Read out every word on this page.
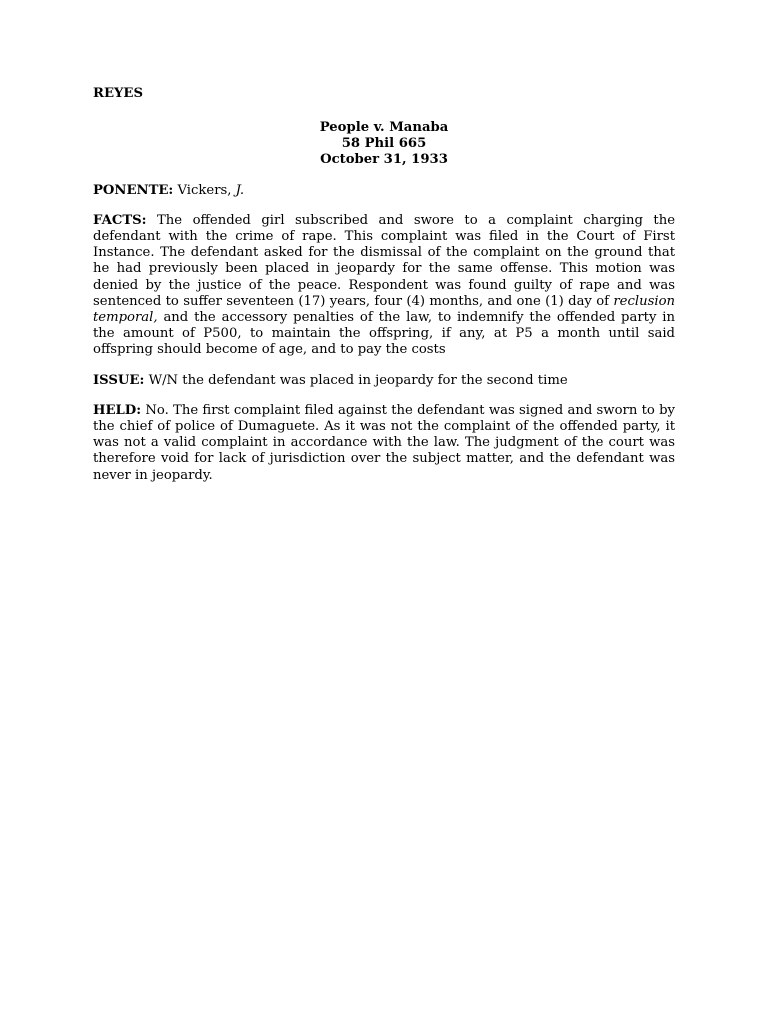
REYES
People v. Manaba
58 Phil 665
October 31, 1933

PONENTE: Vickers, J.

FACTS: The offended girl subscribed and swore to a complaint charging the defendant with the crime of rape. This complaint was filed in the Court of First Instance. The defendant asked for the dismissal of the complaint on the ground that he had previously been placed in jeopardy for the same offense. This motion was denied by the justice of the peace. Respondent was found guilty of rape and was sentenced to suffer seventeen (17) years, four (4) months, and one (1) day of reclusion temporal, and the accessory penalties of the law, to indemnify the offended party in the amount of P500, to maintain the offspring, if any, at P5 a month until said offspring should become of age, and to pay the costs

ISSUE: W/N the defendant was placed in jeopardy for the second time

HELD: No. The first complaint filed against the defendant was signed and sworn to by the chief of police of Dumaguete. As it was not the complaint of the offended party, it was not a valid complaint in accordance with the law. The judgment of the court was therefore void for lack of jurisdiction over the subject matter, and the defendant was never in jeopardy.
